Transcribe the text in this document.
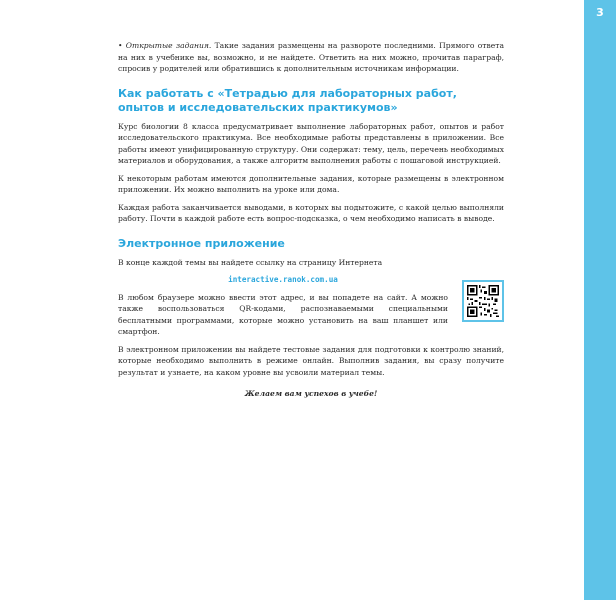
3

• Открытые задания. Такие задания размещены на развороте последними. Прямого ответа на них в учебнике вы, возможно, и не найдете. Ответить на них можно, прочитав параграф, спросив у родителей или обратившись к дополнительным источникам информации.

Как работать с «Тетрадью для лабораторных работ, опытов и исследовательских практикумов»

Курс биологии 8 класса предусматривает выполнение лабораторных работ, опытов и работ исследовательского практикума. Все необходимые работы представлены в приложении. Все работы имеют унифицированную структуру. Они содержат: тему, цель, перечень необходимых материалов и оборудования, а также алгоритм выполнения работы с пошаговой инструкцией.

К некоторым работам имеются дополнительные задания, которые размещены в электронном приложении. Их можно выполнить на уроке или дома.

Каждая работа заканчивается выводами, в которых вы подытожите, с какой целью выполняли работу. Почти в каждой работе есть вопрос-подсказка, о чем необходимо написать в выводе.

Электронное приложение

В конце каждой темы вы найдете ссылку на страницу Интернета

interactive.ranok.com.ua

В любом браузере можно ввести этот адрес, и вы попадете на сайт. А можно также воспользоваться QR-кодами, распознаваемыми специальными бесплатными программами, которые можно установить на ваш планшет или смартфон.

В электронном приложении вы найдете тестовые задания для подготовки к контролю знаний, которые необходимо выполнить в режиме онлайн. Выполнив задания, вы сразу получите результат и узнаете, на каком уровне вы усвоили материал темы.

Желаем вам успехов в учебе!
